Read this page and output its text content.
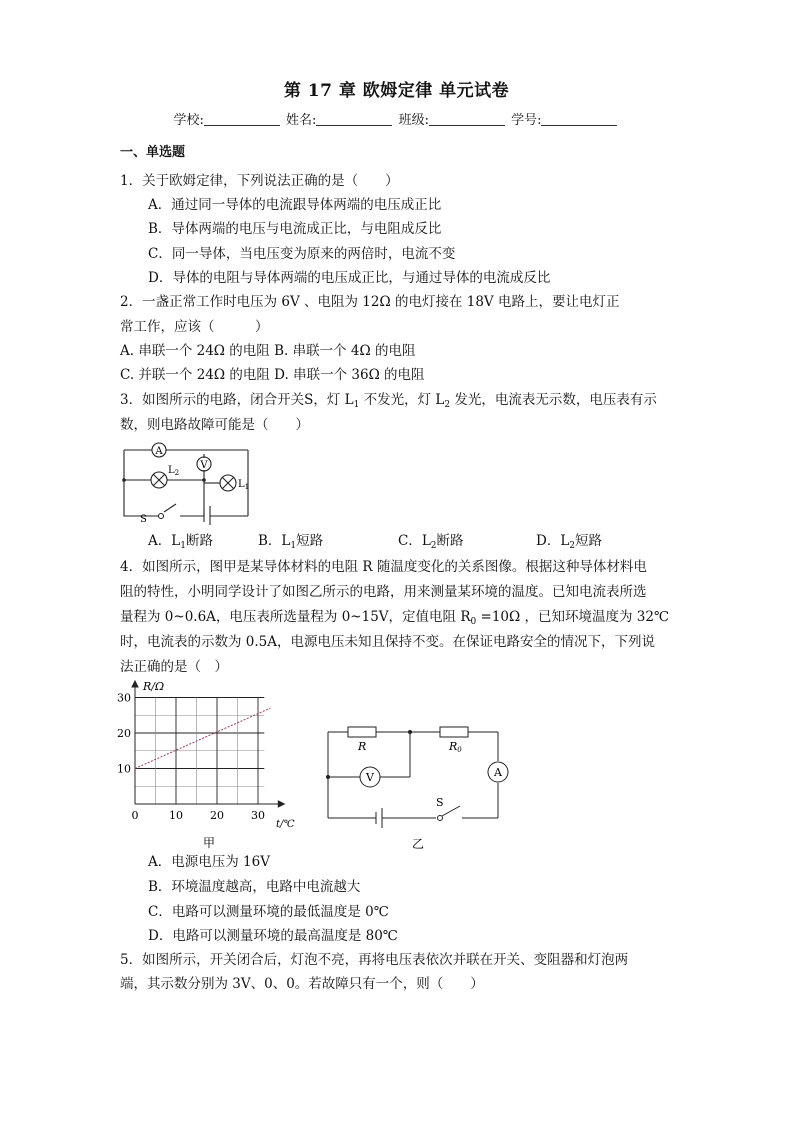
第 17 章 欧姆定律 单元试卷
学校:	姓名:	班级:	学号:
一、单选题
1．关于欧姆定律，下列说法正确的是（　　）
A．通过同一导体的电流跟导体两端的电压成正比
B．导体两端的电压与电流成正比，与电阻成反比
C．同一导体，当电压变为原来的两倍时，电流不变
D．导体的电阻与导体两端的电压成正比，与通过导体的电流成反比
2．一盏正常工作时电压为 6V 、电阻为 12Ω 的电灯接在 18V 电路上，要让电灯正
常工作，应该（　　　）
A. 串联一个 24Ω 的电阻 B. 串联一个 4Ω 的电阻
C. 并联一个 24Ω 的电阻 D. 串联一个 36Ω 的电阻
3．如图所示的电路，闭合开关S，灯 $L_1$ 不发光，灯 $L_2$ 发光，电流表无示数，电压表有示
数，则电路故障可能是（　　）
A
V
$L_2$
$L_1$
S
A．$L_1$断路	B．$L_1$短路	C．$L_2$断路	D．$L_2$短路
4．如图所示，图甲是某导体材料的电阻 R 随温度变化的关系图像。根据这种导体材料电
阻的特性，小明同学设计了如图乙所示的电路，用来测量某环境的温度。已知电流表所选
量程为 0~0.6A，电压表所选量程为 0~15V，定值电阻 $R_0 =10\Omega$ ，已知环境温度为 32℃
时，电流表的示数为 0.5A，电源电压未知且保持不变。在保证电路安全的情况下，下列说
法正确的是（　）
10
20
30
0	10 20 30
R/Ω
t/℃
甲
R	R0
V	A
S
乙
A．电源电压为 16V
B．环境温度越高，电路中电流越大
C．电路可以测量环境的最低温度是 0℃
D．电路可以测量环境的最高温度是 80℃
5．如图所示，开关闭合后，灯泡不亮，再将电压表依次并联在开关、变阻器和灯泡两
端，其示数分别为 3V、0、0。若故障只有一个，则（　　）
